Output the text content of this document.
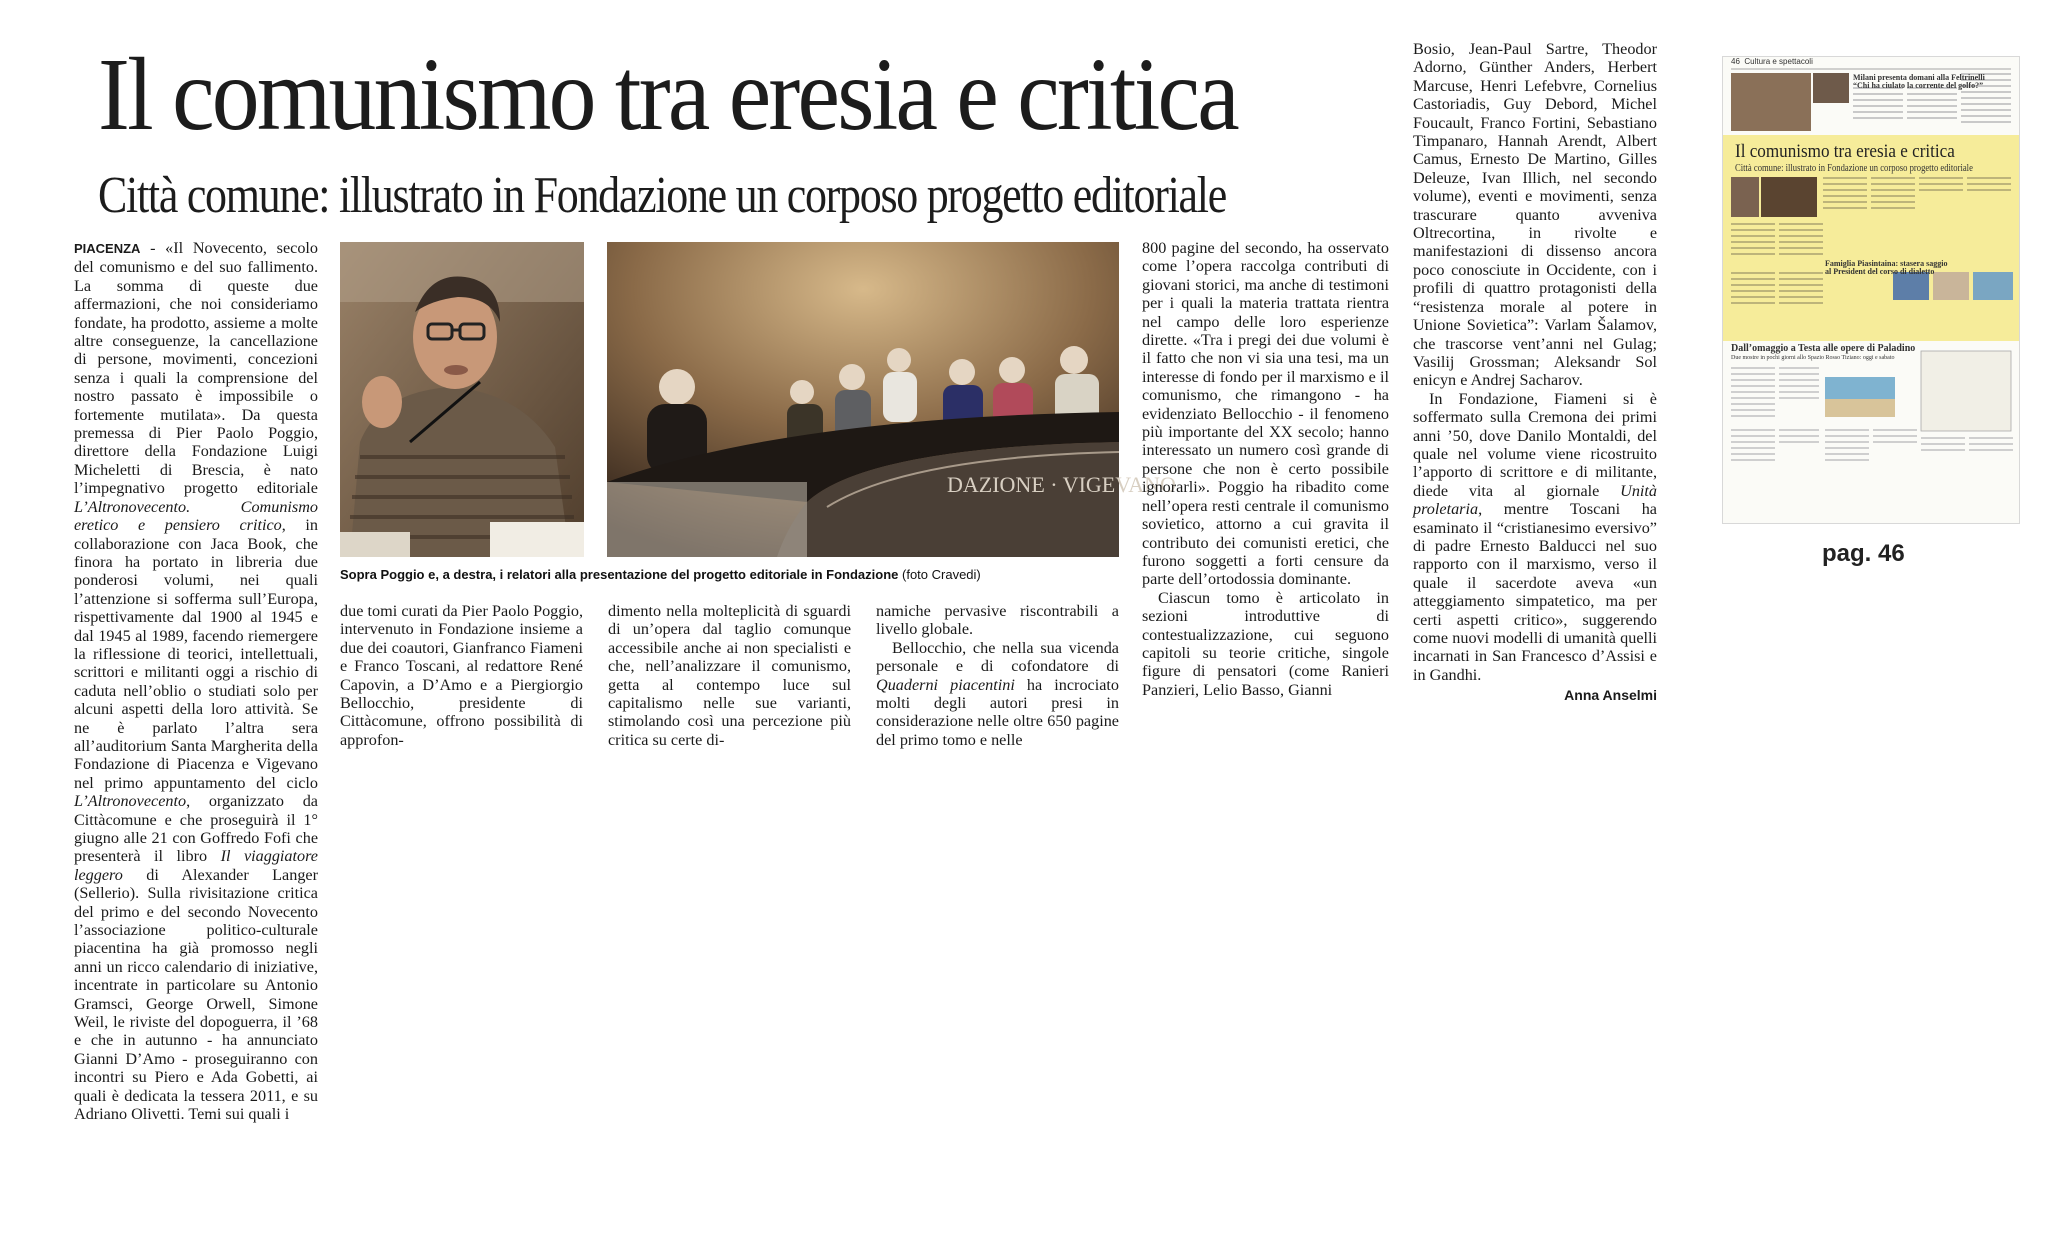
Il comunismo tra eresia e critica
Città comune: illustrato in Fondazione un corposo progetto editoriale

PIACENZA - «Il Novecento, secolo del comunismo e del suo fallimento. La somma di queste due affermazioni, che noi consideriamo fondate, ha prodotto, assieme a molte altre conseguenze, la cancellazione di persone, movimenti, concezioni senza i quali la comprensione del nostro passato è impossibile o fortemente mutilata». Da questa premessa di Pier Paolo Poggio, direttore della Fondazione Luigi Micheletti di Brescia, è nato l’impegnativo progetto editoriale L’Altronovecento. Comunismo eretico e pensiero critico, in collaborazione con Jaca Book, che finora ha portato in libreria due ponderosi volumi, nei quali l’attenzione si sofferma sull’Europa, rispettivamente dal 1900 al 1945 e dal 1945 al 1989, facendo riemergere la riflessione di teorici, intellettuali, scrittori e militanti oggi a rischio di caduta nell’oblio o studiati solo per alcuni aspetti della loro attività. Se ne è parlato l’altra sera all’auditorium Santa Margherita della Fondazione di Piacenza e Vigevano nel primo appuntamento del ciclo L’Altronovecento, organizzato da Cittàcomune e che proseguirà il 1° giugno alle 21 con Goffredo Fofi che presenterà il libro Il viaggiatore leggero di Alexander Langer (Sellerio). Sulla rivisitazione critica del primo e del secondo Novecento l’associazione politico-culturale piacentina ha già promosso negli anni un ricco calendario di iniziative, incentrate in particolare su Antonio Gramsci, George Orwell, Simone Weil, le riviste del dopoguerra, il ’68 e che in autunno - ha annunciato Gianni D’Amo - proseguiranno con incontri su Piero e Ada Gobetti, ai quali è dedicata la tessera 2011, e su Adriano Olivetti. Temi sui quali i

DAZIONE · VIGEVANO
Sopra Poggio e, a destra, i relatori alla presentazione del progetto editoriale in Fondazione (foto Cravedi)

due tomi curati da Pier Paolo Poggio, intervenuto in Fondazione insieme a due dei coautori, Gianfranco Fiameni e Franco Toscani, al redattore René Capovin, a D’Amo e a Piergiorgio Bellocchio, presidente di Cittàcomune, offrono possibilità di approfon-

dimento nella molteplicità di sguardi di un’opera dal taglio comunque accessibile anche ai non specialisti e che, nell’analizzare il comunismo, getta al contempo luce sul capitalismo nelle sue varianti, stimolando così una percezione più critica su certe di-

namiche pervasive riscontrabili a livello globale.

Bellocchio, che nella sua vicenda personale e di cofondatore di Quaderni piacentini ha incrociato molti degli autori presi in considerazione nelle oltre 650 pagine del primo tomo e nelle

800 pagine del secondo, ha osservato come l’opera raccolga contributi di giovani storici, ma anche di testimoni per i quali la materia trattata rientra nel campo delle loro esperienze dirette. «Tra i pregi dei due volumi è il fatto che non vi sia una tesi, ma un interesse di fondo per il marxismo e il comunismo, che rimangono - ha evidenziato Bellocchio - il fenomeno più importante del XX secolo; hanno interessato un numero così grande di persone che non è certo possibile ignorarli». Poggio ha ribadito come nell’opera resti centrale il comunismo sovietico, attorno a cui gravita il contributo dei comunisti eretici, che furono soggetti a forti censure da parte dell’ortodossia dominante.

Ciascun tomo è articolato in sezioni introduttive di contestualizzazione, cui seguono capitoli su teorie critiche, singole figure di pensatori (come Ranieri Panzieri, Lelio Basso, Gianni

Bosio, Jean-Paul Sartre, Theodor Adorno, Günther Anders, Herbert Marcuse, Henri Lefebvre, Cornelius Castoriadis, Guy Debord, Michel Foucault, Franco Fortini, Sebastiano Timpanaro, Hannah Arendt, Albert Camus, Ernesto De Martino, Gilles Deleuze, Ivan Illich, nel secondo volume), eventi e movimenti, senza trascurare quanto avveniva Oltrecortina, in rivolte e manifestazioni di dissenso ancora poco conosciute in Occidente, con i profili di quattro protagonisti della “resistenza morale al potere in Unione Sovietica”: Varlam Šalamov, che trascorse vent’anni nel Gulag; Vasilij Grossman; Aleksandr Sol enicyn e Andrej Sacharov.

In Fondazione, Fiameni si è soffermato sulla Cremona dei primi anni ’50, dove Danilo Montaldi, del quale nel volume viene ricostruito l’apporto di scrittore e di militante, diede vita al giornale Unità proletaria, mentre Toscani ha esaminato il “cristianesimo eversivo” di padre Ernesto Balducci nel suo rapporto con il marxismo, verso il quale il sacerdote aveva «un atteggiamento simpatetico, ma per certi aspetti critico», suggerendo come nuovi modelli di umanità quelli incarnati in San Francesco d’Assisi e in Gandhi.

Anna Anselmi
46 Cultura e spettacoli
Milani presenta domani alla Feltrinelli
“Chi ha ciulato la corrente del golfo?”
Il comunismo tra eresia e critica
Città comune: illustrato in Fondazione un corposo progetto editoriale
Famiglia Piasintaina: stasera saggio
al President del corso di dialetto
Dall’omaggio a Testa alle opere di Paladino
Due mostre in pochi giorni allo Spazio Rosso Tiziano: oggi e sabato
pag. 46
